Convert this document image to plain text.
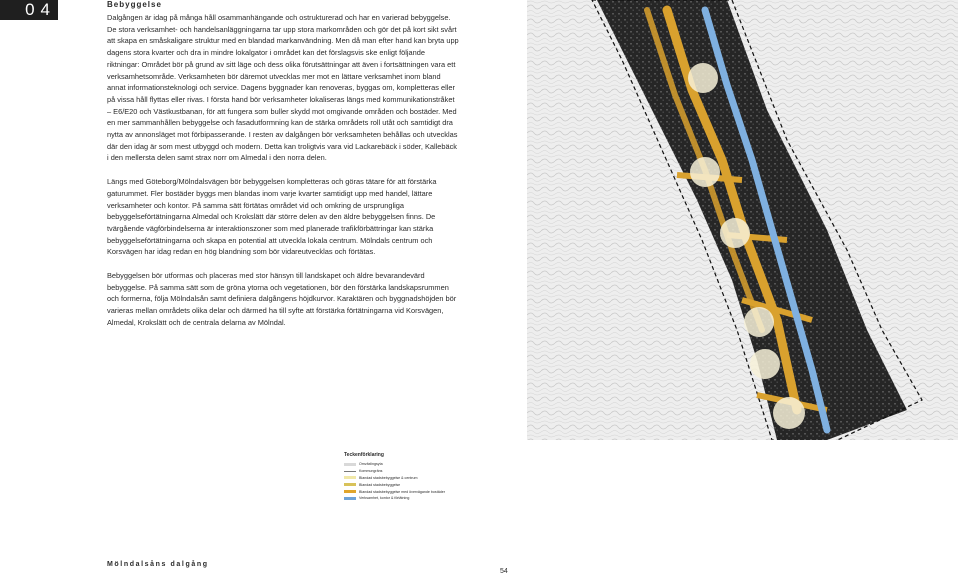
04	Bebyggelse

Dalgången är idag på många håll osammanhängande och ostrukturerad och har en varierad bebyggelse. De stora verksamhet- och handelsanläggningarna tar upp stora markområden och gör det på kort sikt svårt att skapa en småskaligare struktur med en blandad markanvändning. Men då man efter hand kan bryta upp dagens stora kvarter och dra in mindre lokalgator i området kan det förslagsvis ske enligt följande riktningar: Området bör på grund av sitt läge och dess olika förutsättningar att även i fortsättningen vara ett verksamhetsområde. Verksamheten bör däremot utvecklas mer mot en lättare verksamhet inom bland annat informationsteknologi och service. Dagens byggnader kan renoveras, byggas om, kompletteras eller på vissa håll flyttas eller rivas. I första hand bör verksamheter lokaliseras längs med kommunikationstråket – E6/E20 och Västkustbanan, för att fungera som buller skydd mot omgivande områden och bostäder. Med en mer sammanhållen bebyggelse och fasadutformning kan de stärka områdets roll utåt och samtidigt dra nytta av annonsläget mot förbipasserande. I resten av dalgången bör verksamheten behållas och utvecklas där den idag är som mest utbyggd och modern. Detta kan troligtvis vara vid Lackarebäck i söder, Kallebäck i den mellersta delen samt strax norr om Almedal i den norra delen.

Längs med Göteborg/Mölndalsvägen bör bebyggelsen kompletteras och göras tätare för att förstärka gaturummet. Fler bostäder byggs men blandas inom varje kvarter samtidigt upp med handel, lättare verksamheter och kontor. På samma sätt förtätas området vid och omkring de ursprungliga bebyggelseförtätningarna Almedal och Krokslätt där större delen av den äldre bebyggelsen finns. De tvärgående vägförbindelserna är interaktionszoner som med planerade trafikförbättringar kan stärka bebyggelseförtätningarna och skapa en potential att utveckla lokala centrum. Mölndals centrum och Korsvägen har idag redan en hög blandning som bör vidareutvecklas och förtätas.

Bebyggelsen bör utformas och placeras med stor hänsyn till landskapet och äldre bevarandevärd bebyggelse. På samma sätt som de gröna ytorna och vegetationen, bör den förstärka landskapsrummen och formerna, följa Mölndalsån samt definiera dalgångens höjdkurvor. Karaktären och byggnadshöjden bör varieras mellan områdets olika delar och därmed ha till syfte att förstärka förtätningarna vid Korsvägen, Almedal, Krokslätt och de centrala delarna av Mölndal.

Teckenförklaring
Omväxlingsyta
Kommungräns
Blandad stadsbebyggelse & centrum
Blandad stadsbebyggelse
Blandad stadsbebyggelse med övervägande bostäder
Verksamhet, kontor & förtätning
Mölndalsåns dalgång
54
